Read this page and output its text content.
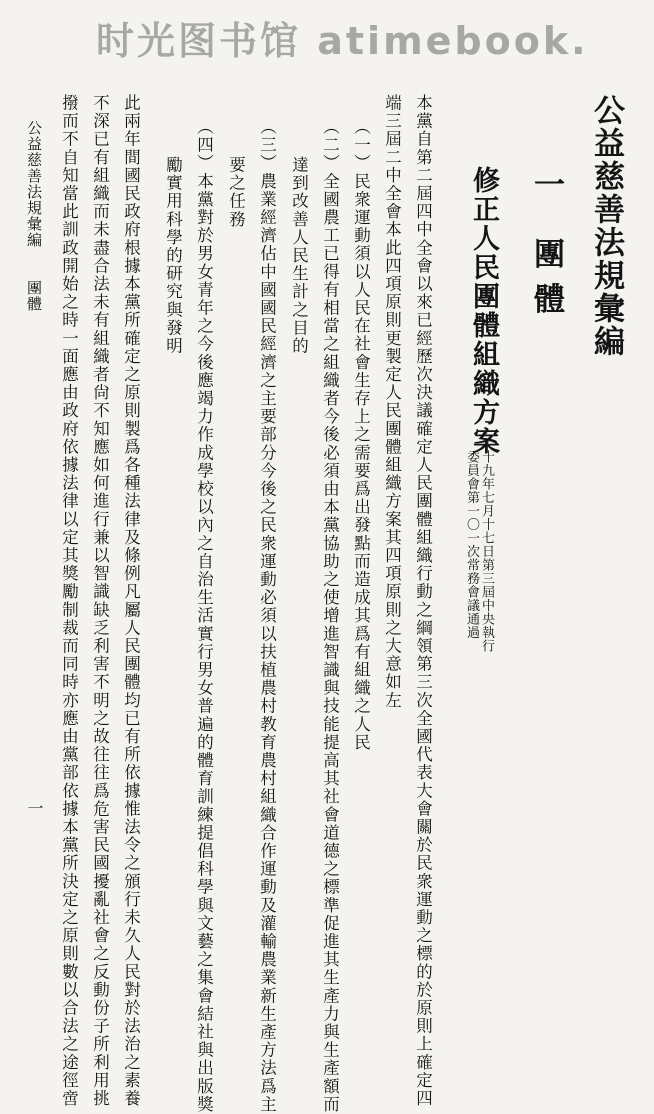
时光图书馆 atimebook.
公益慈善法規彙編
一 團體
修正人民團體組織方案
十九年七月十七日第三屆中央執行
委員會第一〇一次常務會議通過
本黨自第二屆四中全會以來已經歷次決議確定人民團體組織行動之綱領第三次全國代表大會關於民衆運動之標的於原則上確定四
端三屆二中全會本此四項原則更製定人民團體組織方案其四項原則之大意如左
（一）民衆運動須以人民在社會生存上之需要爲出發點而造成其爲有組織之人民
（二）全國農工已得有相當之組織者今後必須由本黨協助之使增進智識與技能提高其社會道德之標準促進其生產力與生產額而
達到改善人民生計之目的
（三）農業經濟佔中國國民經濟之主要部分今後之民衆運動必須以扶植農村教育農村組織合作運動及灌輸農業新生產方法爲主
要之任務
（四）本黨對於男女青年之今後應竭力作成學校以內之自治生活實行男女普遍的體育訓練提倡科學與文藝之集會結社與出版獎
勵實用科學的研究與發明
此兩年間國民政府根據本黨所確定之原則製爲各種法律及條例凡屬人民團體均已有所依據惟法令之頒行未久人民對於法治之素養
不深已有組織而未盡合法未有組織者尙不知應如何進行兼以智識缺乏利害不明之故往往爲危害民國擾亂社會之反動份子所利用挑
撥而不自知當此訓政開始之時一面應由政府依據法律以定其獎勵制裁而同時亦應由黨部依據本黨所決定之原則數以合法之途徑啻
公益慈善法規彙編
團體
一
